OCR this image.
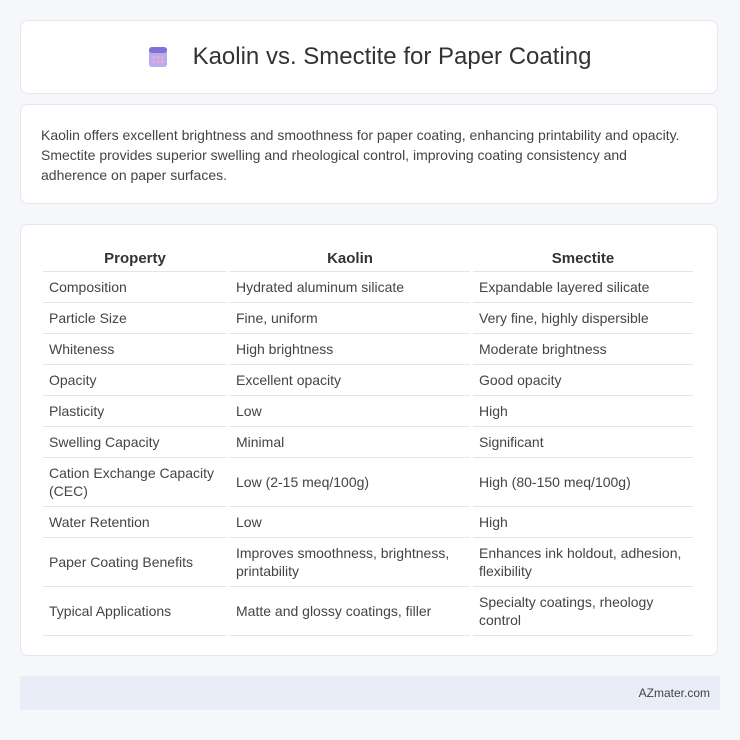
Kaolin vs. Smectite for Paper Coating

Kaolin offers excellent brightness and smoothness for paper coating, enhancing printability and opacity. Smectite provides superior swelling and rheological control, improving coating consistency and adherence on paper surfaces.

Property	Kaolin	Smectite
Composition	Hydrated aluminum silicate	Expandable layered silicate
Particle Size	Fine, uniform	Very fine, highly dispersible
Whiteness	High brightness	Moderate brightness
Opacity	Excellent opacity	Good opacity
Plasticity	Low	High
Swelling Capacity	Minimal	Significant
Cation Exchange Capacity (CEC)	Low (2-15 meq/100g)	High (80-150 meq/100g)
Water Retention	Low	High
Paper Coating Benefits	Improves smoothness, brightness, printability	Enhances ink holdout, adhesion, flexibility
Typical Applications	Matte and glossy coatings, filler	Specialty coatings, rheology control
AZmater.com
